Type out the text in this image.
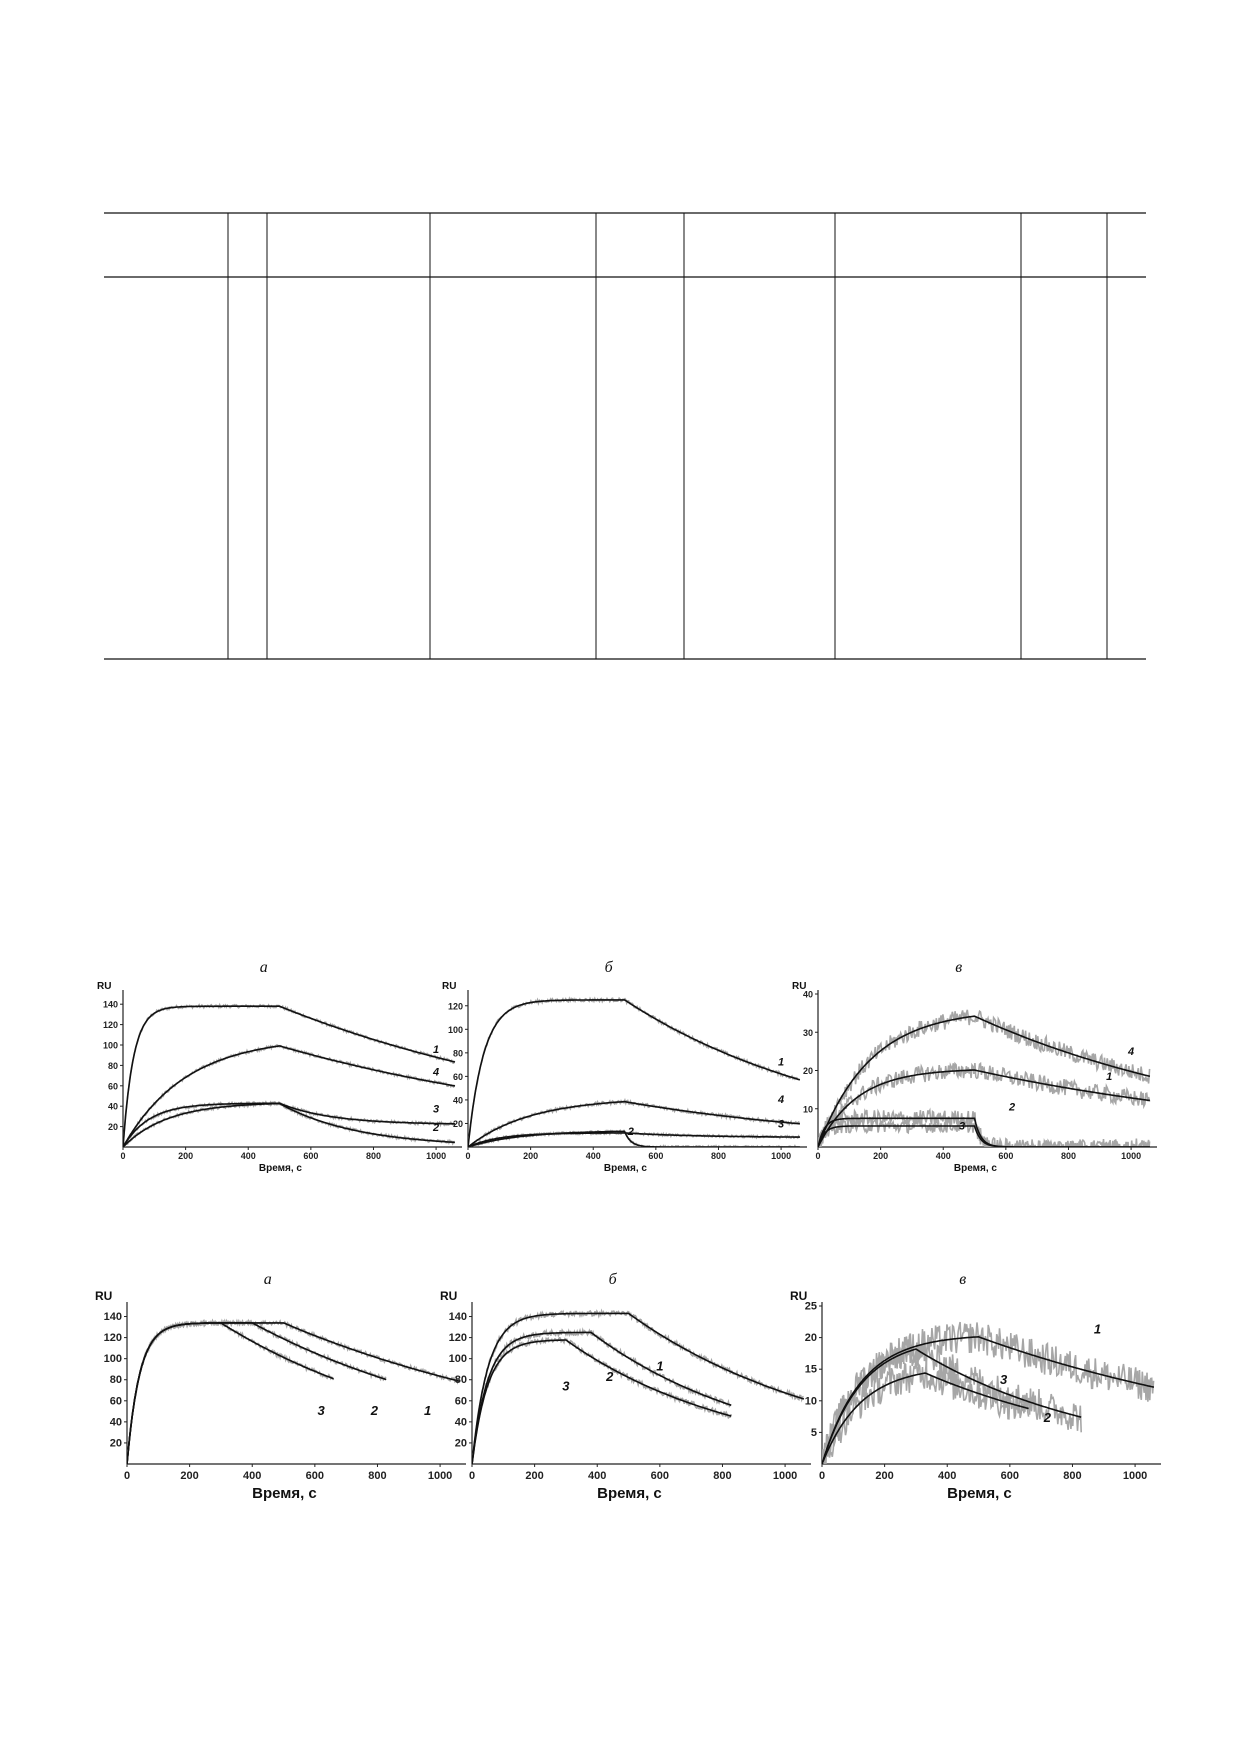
а
0	200	400	600	800	1000
20
40
60
80
100
120
140
RU
Время, с
1
4
3
2
б
0	200	400	600	800	1000
20
40
60
80
100
120
RU
Время, с
1
4
3
2
в
0	200	400	600	800	1000
10
20
30
40
RU
Время, с
4
1
2
3
а
0	200	400	600	800	1000
20
40
60
80
100
120
140
RU
Время, с
1
2
3
б
0	200	400	600	800	1000
20
40
60
80
100
120
140
RU
Время, с
1
2
3
в
0	200	400	600	800	1000
5
10
15
20
25
RU
Время, с
1
2
3
